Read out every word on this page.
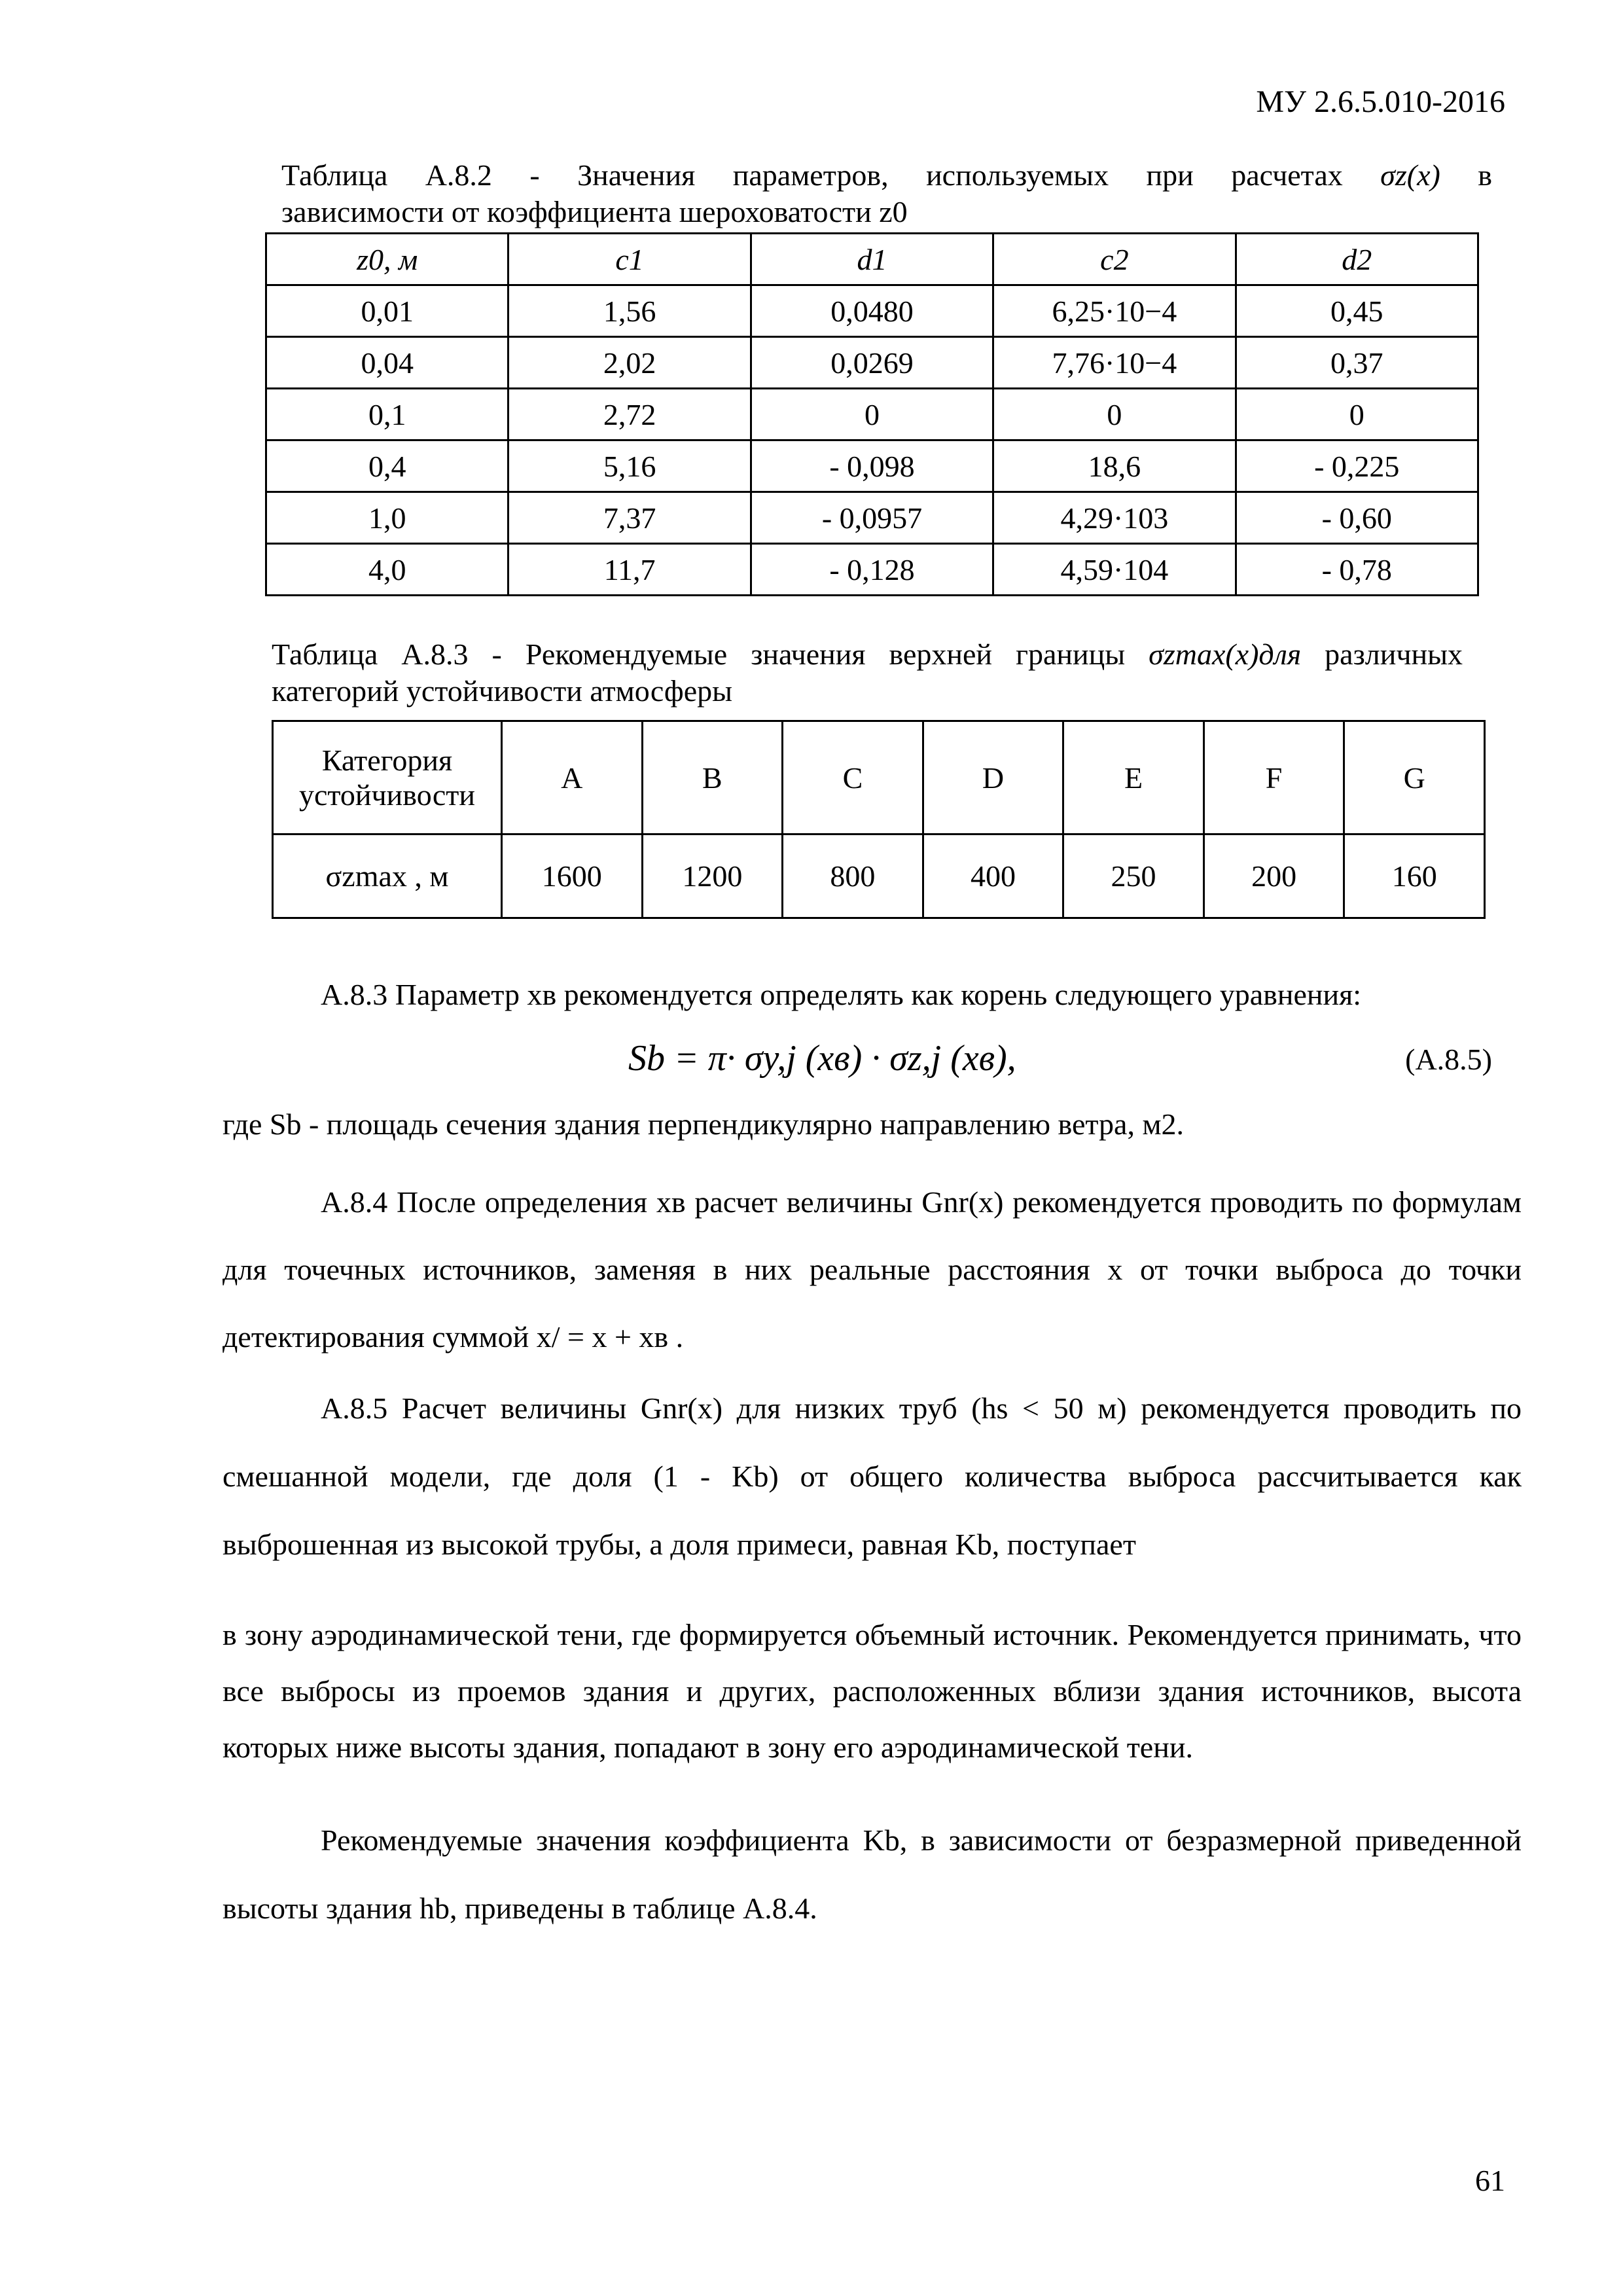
МУ 2.6.5.010-2016
Таблица А.8.2 - Значения параметров, используемых при расчетах σz(x) в
зависимости от коэффициента шероховатости z0
z0, м	c1	d1	c2	d2
0,01	1,56	0,0480	6,25·10−4	0,45
0,04	2,02	0,0269	7,76·10−4	0,37
0,1	2,72	0	0	0
0,4	5,16	- 0,098	18,6	- 0,225
1,0	7,37	- 0,0957	4,29·103	- 0,60
4,0	11,7	- 0,128	4,59·104	- 0,78
Таблица А.8.3 - Рекомендуемые значения верхней границы σzmax(x)для различных
категорий устойчивости атмосферы
Категория устойчивости	A	B	C	D	E	F	G
σzmax , м	1600	1200	800	400	250	200	160
А.8.3 Параметр xв рекомендуется определять как корень следующего уравнения:
Sb = π· σy,j (xв) · σz,j (xв),	(А.8.5)
где Sb - площадь сечения здания перпендикулярно направлению ветра, м2.
А.8.4 После определения xв расчет величины Gnr(x) рекомендуется проводить по формулам для точечных источников, заменяя в них реальные расстояния x от точки выброса до точки детектирования суммой x/ = x + xв .
А.8.5 Расчет величины Gnr(x) для низких труб (hs < 50 м) рекомендуется проводить по смешанной модели, где доля (1 - Kb) от общего количества выброса рассчитывается как выброшенная из высокой трубы, а доля примеси, равная Kb, поступает
в зону аэродинамической тени, где формируется объемный источник. Рекомендуется принимать, что все выбросы из проемов здания и других, расположенных вблизи здания источников, высота которых ниже высоты здания, попадают в зону его аэродинамической тени.
Рекомендуемые значения коэффициента Kb, в зависимости от безразмерной приведенной высоты здания hb, приведены в таблице А.8.4.
61
